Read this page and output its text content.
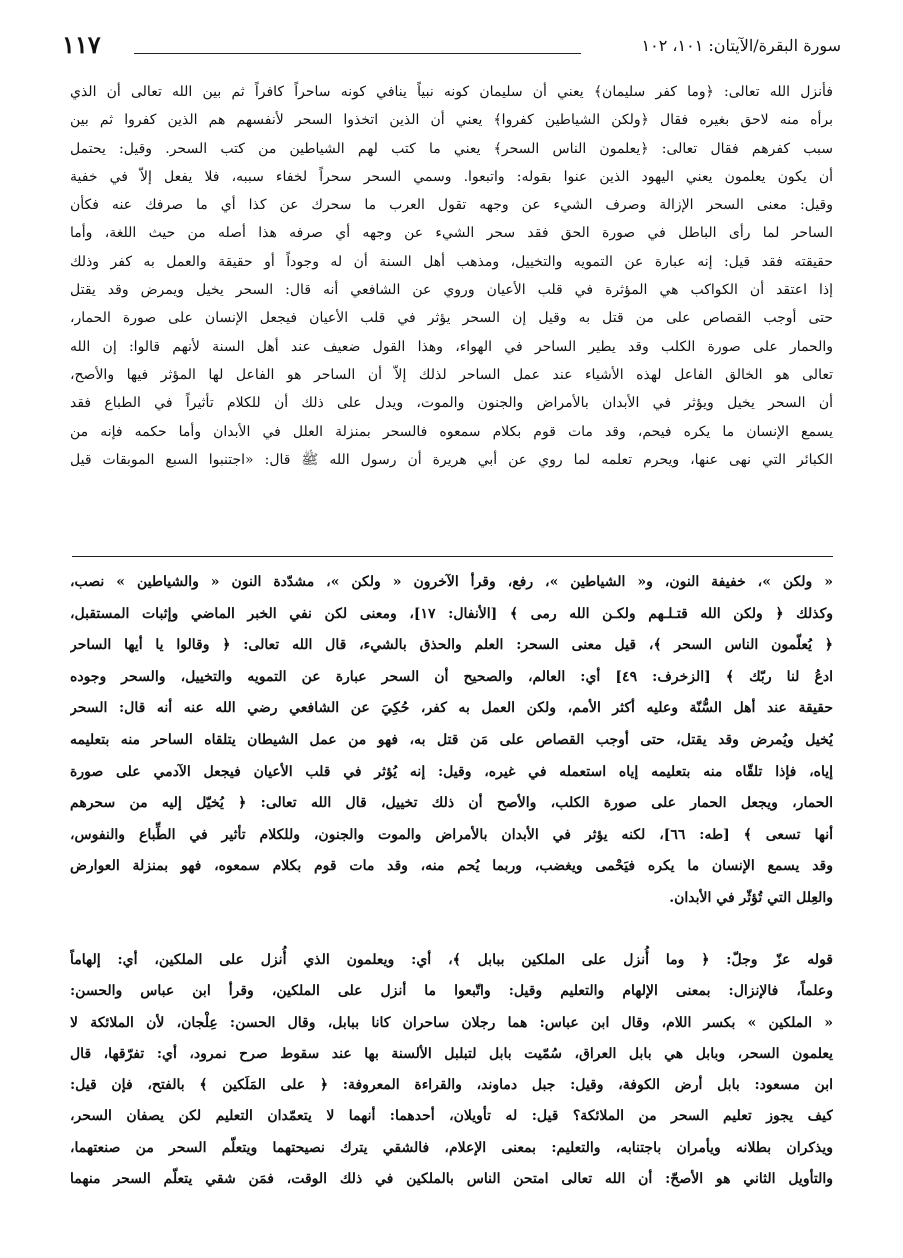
سورة البقرة/الآيتان: ١٠١، ١٠٢
١١٧

فأنزل الله تعالى: ﴿وما كفر سليمان﴾ يعني أن سليمان كونه نبياً ينافي كونه ساحراً كافراً ثم بين الله تعالى أن الذي

برأه منه لاحق بغيره فقال ﴿ولكن الشياطين كفروا﴾ يعني أن الذين اتخذوا السحر لأنفسهم هم الذين كفروا ثم بين

سبب كفرهم فقال تعالى: ﴿يعلمون الناس السحر﴾ يعني ما كتب لهم الشياطين من كتب السحر. وقيل: يحتمل

أن يكون يعلمون يعني اليهود الذين عنوا بقوله: واتبعوا. وسمي السحر سحراً لخفاء سببه، فلا يفعل إلاّ في خفية

وقيل: معنى السحر الإزالة وصرف الشيء عن وجهه تقول العرب ما سحرك عن كذا أي ما صرفك عنه فكأن

الساحر لما رأى الباطل في صورة الحق فقد سحر الشيء عن وجهه أي صرفه هذا أصله من حيث اللغة، وأما

حقيقته فقد قيل: إنه عبارة عن التمويه والتخييل، ومذهب أهل السنة أن له وجوداً أو حقيقة والعمل به كفر وذلك

إذا اعتقد أن الكواكب هي المؤثرة في قلب الأعيان وروي عن الشافعي أنه قال: السحر يخيل ويمرض وقد يقتل

حتى أوجب القصاص على من قتل به وقيل إن السحر يؤثر في قلب الأعيان فيجعل الإنسان على صورة الحمار،

والحمار على صورة الكلب وقد يطير الساحر في الهواء، وهذا القول ضعيف عند أهل السنة لأنهم قالوا: إن الله

تعالى هو الخالق الفاعل لهذه الأشياء عند عمل الساحر لذلك إلاّ أن الساحر هو الفاعل لها المؤثر فيها والأصح،

أن السحر يخيل ويؤثر في الأبدان بالأمراض والجنون والموت، ويدل على ذلك أن للكلام تأثيراً في الطباع فقد

يسمع الإنسان ما يكره فيحم، وقد مات قوم بكلام سمعوه فالسحر بمنزلة العلل في الأبدان وأما حكمه فإنه من

الكبائر التي نهى عنها، ويحرم تعلمه لما روي عن أبي هريرة أن رسول الله ﷺ قال: «اجتنبوا السبع الموبقات قيل

« ولكن »، خفيفة النون، و« الشياطين »، رفع، وقرأ الآخرون « ولكن »، مشدّدة النون « والشياطين » نصب،

وكذلك ﴿ ولكن الله قتـلـهم ولكـن الله رمى ﴾ [الأنفال: ١٧]، ومعنى لكن نفي الخبر الماضي وإثبات المستقبل،

﴿ يُعلّمون الناس السحر ﴾، قيل معنى السحر: العلم والحذق بالشيء، قال الله تعالى: ﴿ وقالوا يا أيها الساحر

ادعُ لنا ربّك ﴾ [الزخرف: ٤٩] أي: العالم، والصحيح أن السحر عبارة عن التمويه والتخييل، والسحر وجوده

حقيقة عند أهل السُّنّة وعليه أكثر الأمم، ولكن العمل به كفر، حُكِيَ عن الشافعي رضي الله عنه أنه قال: السحر

يُخيل ويُمرض وقد يقتل، حتى أوجب القصاص على مَن قتل به، فهو من عمل الشيطان يتلقاه الساحر منه بتعليمه

إياه، فإذا تلقّاه منه بتعليمه إياه استعمله في غيره، وقيل: إنه يُؤثر في قلب الأعيان فيجعل الآدمي على صورة

الحمار، ويجعل الحمار على صورة الكلب، والأصح أن ذلك تخييل، قال الله تعالى: ﴿ يُخيّل إليه من سحرهم

أنها تسعى ﴾ [طه: ٦٦]، لكنه يؤثر في الأبدان بالأمراض والموت والجنون، وللكلام تأثير في الطِّباع والنفوس،

وقد يسمع الإنسان ما يكره فيَحْمى ويغضب، وربما يُحم منه، وقد مات قوم بكلام سمعوه، فهو بمنزلة العوارض

والعِلل التي تُؤثّر في الأبدان.

قوله عزّ وجلّ: ﴿ وما أُنزل على الملكين ببابل ﴾، أي: ويعلمون الذي أُنزل على الملكين، أي: إلهاماً

وعلماً، فالإنزال: بمعنى الإلهام والتعليم وقيل: واتّبعوا ما أنزل على الملكين، وقرأ ابن عباس والحسن:

« الملكين » بكسر اللام، وقال ابن عباس: هما رجلان ساحران كانا ببابل، وقال الحسن: عِلْجان، لأن الملائكة لا

يعلمون السحر، وبابل هي بابل العراق، سُمّيت بابل لتبلبل الألسنة بها عند سقوط صرح نمرود، أي: تفرّقها، قال

ابن مسعود: بابل أرض الكوفة، وقيل: جبل دماوند، والقراءة المعروفة: ﴿ على المَلَكين ﴾ بالفتح، فإن قيل:

كيف يجوز تعليم السحر من الملائكة؟ قيل: له تأويلان، أحدهما: أنهما لا يتعمّدان التعليم لكن يصفان السحر،

ويذكران بطلانه ويأمران باجتنابه، والتعليم: بمعنى الإعلام، فالشقي يترك نصيحتهما ويتعلّم السحر من صنعتهما،

والتأويل الثاني هو الأصحّ: أن الله تعالى امتحن الناس بالملكين في ذلك الوقت، فمَن شقي يتعلّم السحر منهما
